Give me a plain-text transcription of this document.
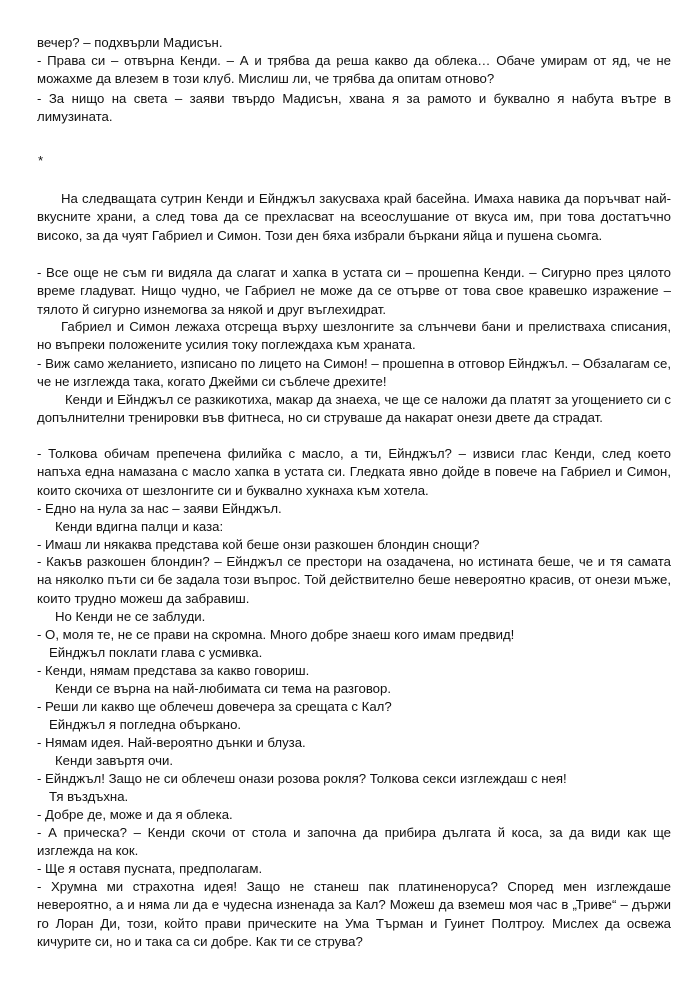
вечер? – подхвърли Мадисън.

- Права си – отвърна Кенди. – А и трябва да реша какво да облека… Обаче умирам от яд, че не можахме да влезем в този клуб. Мислиш ли, че трябва да опитам отново?

- За нищо на света – заяви твърдо Мадисън, хвана я за рамото и буквално я набута вътре в лимузината.

*

На следващата сутрин Кенди и Ейнджъл закусваха край басейна. Имаха навика да поръчват най-вкусните храни, а след това да се прехласват на всеослушание от вкуса им, при това достатъчно високо, за да чуят Габриел и Симон. Този ден бяха избрали бъркани яйца и пушена сьомга.

- Все още не съм ги видяла да слагат и хапка в устата си – прошепна Кенди. – Сигурно през цялото време гладуват. Нищо чудно, че Габриел не може да се отърве от това свое кравешко изражение – тялото й сигурно изнемогва за някой и друг въглехидрат.

Габриел и Симон лежаха отсреща върху шезлонгите за слънчеви бани и прелистваха списания, но въпреки положените усилия току поглеждаха към храната.

- Виж само желанието, изписано по лицето на Симон! – прошепна в отговор Ейнджъл. – Обзалагам се, че не изглежда така, когато Джейми си съблече дрехите!

Кенди и Ейнджъл се разкикотиха, макар да знаеха, че ще се наложи да платят за угощението си с допълнителни тренировки във фитнеса, но си струваше да накарат онези двете да страдат.

- Толкова обичам препечена филийка с масло, а ти, Ейнджъл? – извиси глас Кенди, след което напъха една намазана с масло хапка в устата си. Гледката явно дойде в повече на Габриел и Симон, които скочиха от шезлонгите си и буквално хукнаха към хотела.

- Едно на нула за нас – заяви Ейнджъл.

Кенди вдигна палци и каза:

- Имаш ли някаква представа кой беше онзи разкошен блондин снощи?

- Какъв разкошен блондин? – Ейнджъл се престори на озадачена, но истината беше, че и тя самата на няколко пъти си бе задала този въпрос. Той действително беше невероятно красив, от онези мъже, които трудно можеш да забравиш.

Но Кенди не се заблуди.

- О, моля те, не се прави на скромна. Много добре знаеш кого имам предвид!

Ейнджъл поклати глава с усмивка.

- Кенди, нямам представа за какво говориш.

Кенди се върна на най-любимата си тема на разговор.

- Реши ли какво ще облечеш довечера за срещата с Кал?

Ейнджъл я погледна объркано.

- Нямам идея. Най-вероятно дънки и блуза.

Кенди завъртя очи.

- Ейнджъл! Защо не си облечеш онази розова рокля? Толкова секси изглеждаш с нея!

Тя въздъхна.

- Добре де, може и да я облека.

- А прическа? – Кенди скочи от стола и започна да прибира дългата й коса, за да види как ще изглежда на кок.

- Ще я оставя пусната, предполагам.

- Хрумна ми страхотна идея! Защо не станеш пак платиненоруса? Според мен изглеждаше невероятно, а и няма ли да е чудесна изненада за Кал? Можеш да вземеш моя час в „Триве“ – държи го Лоран Ди, този, който прави прическите на Ума Търман и Гуинет Полтроу. Мислех да освежа кичурите си, но и така са си добре. Как ти се струва?
